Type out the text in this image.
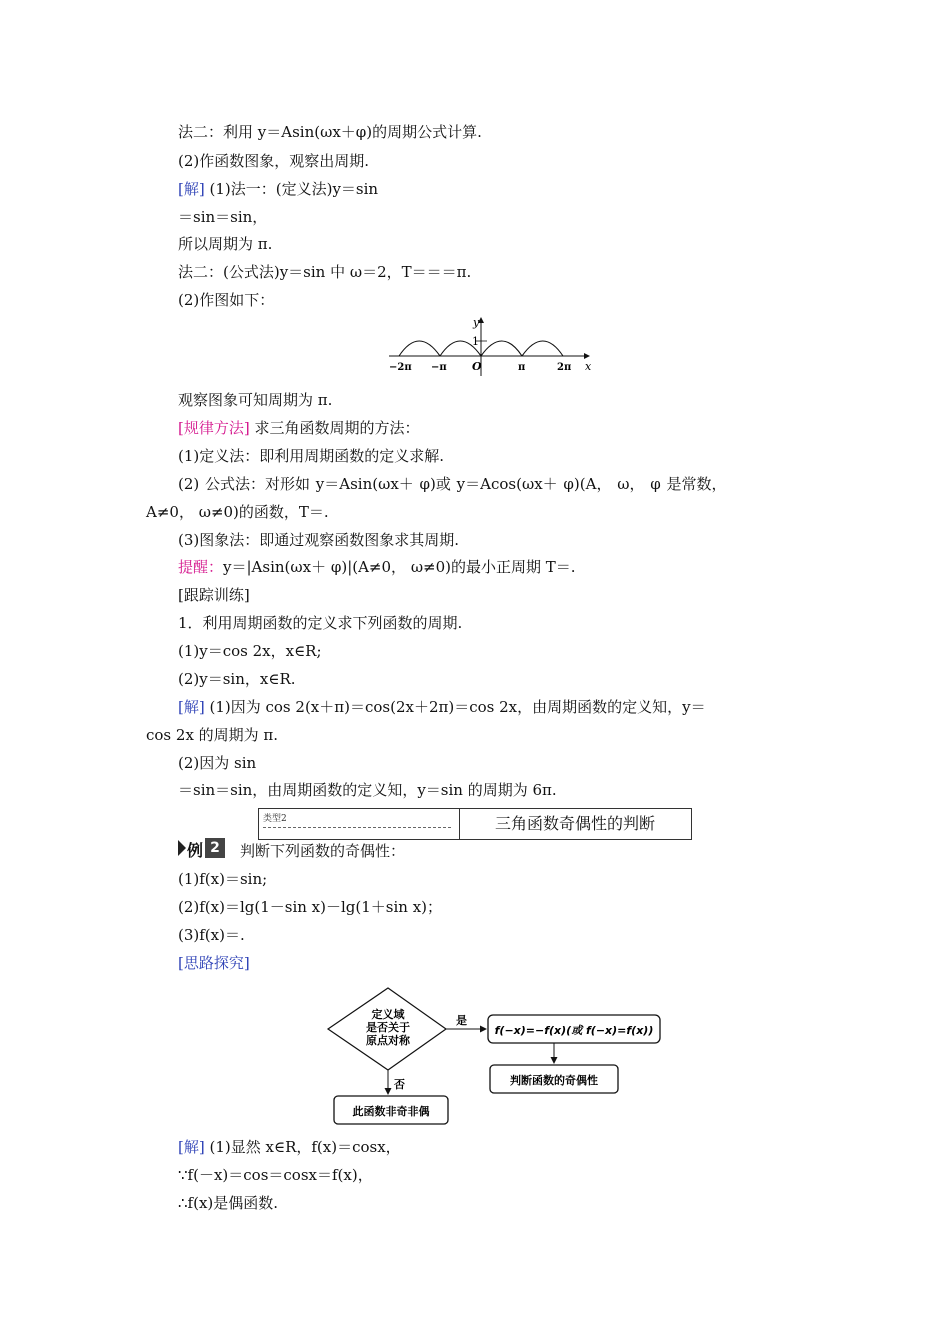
法二：利用 y＝Asin(ωx＋φ)的周期公式计算.
(2)作函数图象，观察出周期.
[解] (1)法一：(定义法)y＝sin
＝sin＝sin，
所以周期为 π.
法二：(公式法)y＝sin 中 ω＝2，T＝＝＝π.
(2)作图如下：
y
x
1
O
−2π −π	π	2π
观察图象可知周期为 π.
[规律方法] 求三角函数周期的方法：
(1)定义法：即利用周期函数的定义求解.
(2) 公式法：对形如 y＝Asin(ωx＋ φ)或 y＝Acos(ωx＋ φ)(A， ω， φ 是常数，
A≠0， ω≠0)的函数，T＝.
(3)图象法：即通过观察函数图象求其周期.
提醒：y＝|Asin(ωx＋ φ)|(A≠0， ω≠0)的最小正周期 T＝.
[跟踪训练]
1．利用周期函数的定义求下列函数的周期.
(1)y＝cos 2x，x∈R;
(2)y＝sin，x∈R.
[解] (1)因为 cos 2(x＋π)＝cos(2x＋2π)＝cos 2x，由周期函数的定义知，y＝
cos 2x 的周期为 π.
(2)因为 sin
＝sin＝sin，由周期函数的定义知，y＝sin 的周期为 6π.
类型2	三角函数奇偶性的判断
例 2	判断下列函数的奇偶性：
(1)f(x)＝sin;
(2)f(x)＝lg(1－sin x)－lg(1＋sin x)；
(3)f(x)＝.
[思路探究]
定义域
是否关于
原点对称
是
f(−x)=−f(x)(或 f(−x)=f(x))
判断函数的奇偶性
否
此函数非奇非偶
[解] (1)显然 x∈R，f(x)＝cosx，
∵f(－x)＝cos＝cosx＝f(x)，
∴f(x)是偶函数.
